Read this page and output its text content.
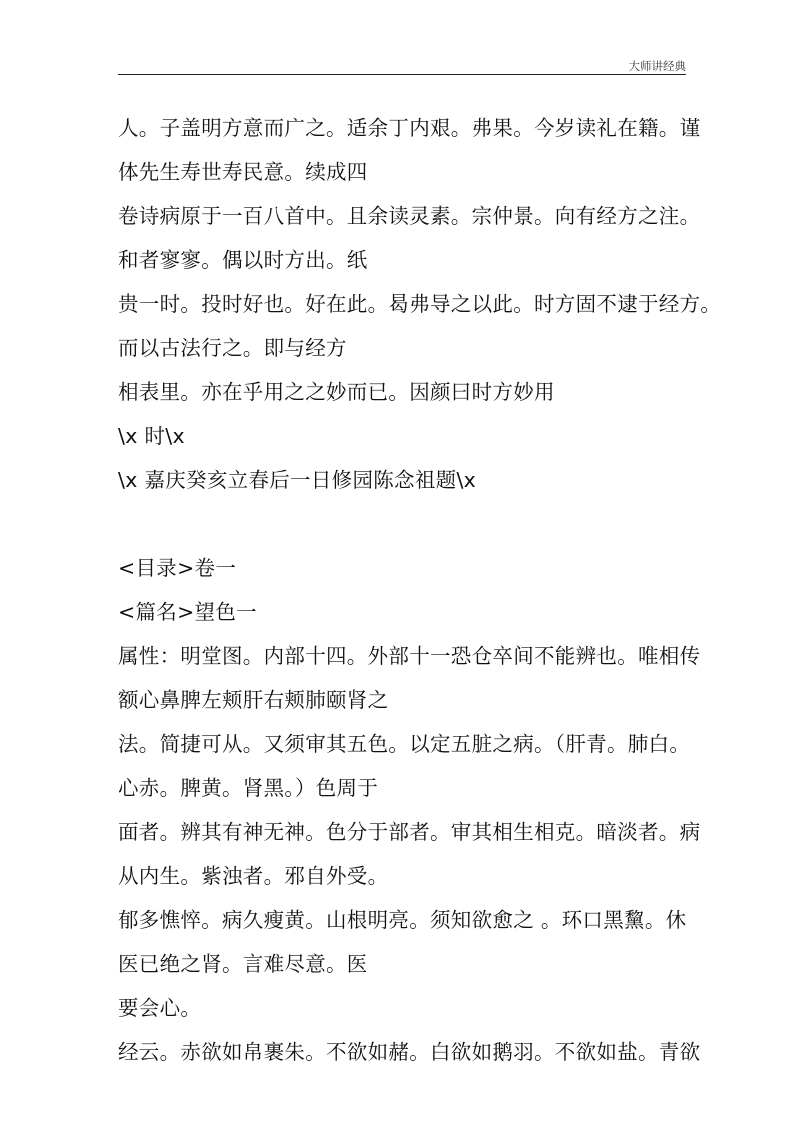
大师讲经典
人。子盖明方意而广之。适余丁内艰。弗果。今岁读礼在籍。谨
体先生寿世寿民意。续成四
卷诗病原于一百八首中。且余读灵素。宗仲景。向有经方之注。
和者寥寥。偶以时方出。纸
贵一时。投时好也。好在此。曷弗导之以此。时方固不逮于经方。
而以古法行之。即与经方
相表里。亦在乎用之之妙而已。因颜曰时方妙用
\x 时\x
\x 嘉庆癸亥立春后一日修园陈念祖题\x
<目录>卷一
<篇名>望色一
属性：明堂图。内部十四。外部十一恐仓卒间不能辨也。唯相传
额心鼻脾左颊肝右颊肺颐肾之
法。简捷可从。又须审其五色。以定五脏之病。（肝青。肺白。
心赤。脾黄。肾黑。）色周于
面者。辨其有神无神。色分于部者。审其相生相克。暗淡者。病
从内生。紫浊者。邪自外受。
郁多憔悴。病久瘦黄。山根明亮。须知欲愈之 。环口黑黧。休
医已绝之肾。言难尽意。医
要会心。
经云。赤欲如帛裹朱。不欲如赭。白欲如鹅羽。不欲如盐。青欲
